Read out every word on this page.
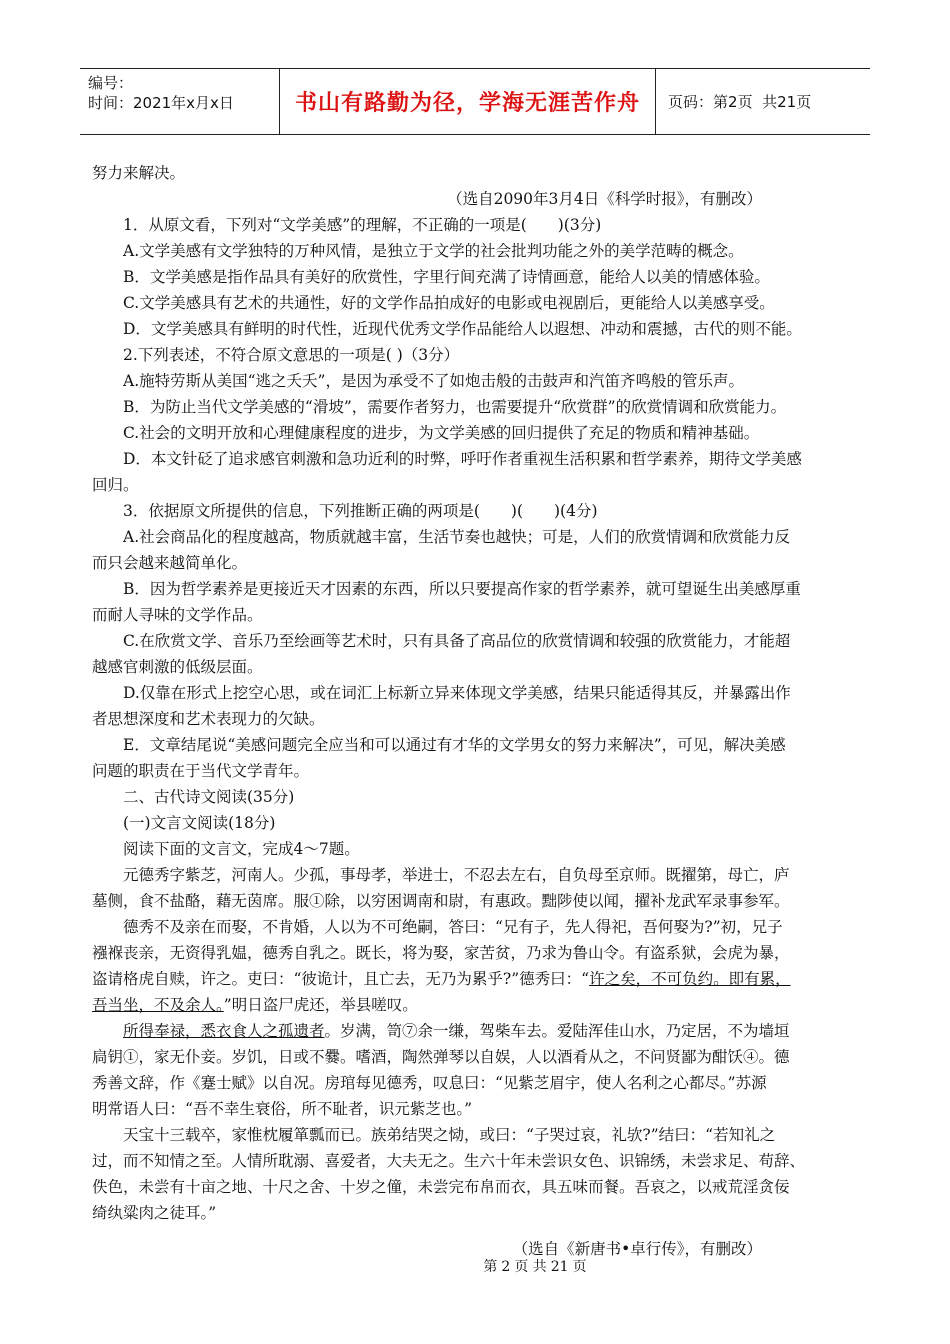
编号：
时间：2021年x月x日	书山有路勤为径，学海无涯苦作舟	页码：第 2 页  共 21 页

努力来解决。

（选自2090年3月4日《科学时报》，有删改）

1．从原文看，下列对“文学美感”的理解，不正确的一项是(　　)(3分)

A.文学美感有文学独特的万种风情，是独立于文学的社会批判功能之外的美学范畴的概念。

B．文学美感是指作品具有美好的欣赏性，字里行间充满了诗情画意，能给人以美的情感体验。

C.文学美感具有艺术的共通性，好的文学作品拍成好的电影或电视剧后，更能给人以美感享受。

D．文学美感具有鲜明的时代性，近现代优秀文学作品能给人以遐想、冲动和震撼，古代的则不能。

2.下列表述，不符合原文意思的一项是( )（3分）

A.施特劳斯从美国“逃之夭夭”，是因为承受不了如炮击般的击鼓声和汽笛齐鸣般的管乐声。

B．为防止当代文学美感的“滑坡”，需要作者努力，也需要提升“欣赏群”的欣赏情调和欣赏能力。

C.社会的文明开放和心理健康程度的进步，为文学美感的回归提供了充足的物质和精神基础。

D．本文针砭了追求感官刺激和急功近利的时弊，呼吁作者重视生活积累和哲学素养，期待文学美感

回归。

3．依据原文所提供的信息，下列推断正确的两项是(　　)(　　)(4分)

A.社会商品化的程度越高，物质就越丰富，生活节奏也越快；可是，人们的欣赏情调和欣赏能力反

而只会越来越简单化。

B．因为哲学素养是更接近天才因素的东西，所以只要提高作家的哲学素养，就可望诞生出美感厚重

而耐人寻味的文学作品。

C.在欣赏文学、音乐乃至绘画等艺术时，只有具备了高品位的欣赏情调和较强的欣赏能力，才能超

越感官刺激的低级层面。

D.仅靠在形式上挖空心思，或在词汇上标新立异来体现文学美感，结果只能适得其反，并暴露出作

者思想深度和艺术表现力的欠缺。

E．文章结尾说“美感问题完全应当和可以通过有才华的文学男女的努力来解决”，可见，解决美感

问题的职责在于当代文学青年。

二、古代诗文阅读(35分)

(一)文言文阅读(18分)

阅读下面的文言文，完成4～7题。

元德秀字紫芝，河南人。少孤，事母孝，举进士，不忍去左右，自负母至京师。既擢第，母亡，庐

墓侧，食不盐酪，藉无茵席。服①除，以穷困调南和尉，有惠政。黜陟使以闻，擢补龙武军录事参军。

德秀不及亲在而娶，不肯婚，人以为不可绝嗣，答曰：“兄有子，先人得祀，吾何娶为?”初，兄子

襁褓丧亲，无资得乳媪，德秀自乳之。既长，将为娶，家苦贫，乃求为鲁山令。有盗系狱，会虎为暴，

盗请格虎自赎，许之。吏曰：“彼诡计，且亡去，无乃为累乎?”德秀曰：“许之矣，不可负约。即有累，

吾当坐，不及余人。”明日盗尸虎还，举县嗟叹。

所得奉禄，悉衣食人之孤遗者。岁满，笥⑦余一缣，驾柴车去。爱陆浑佳山水，乃定居，不为墙垣

扃钥①，家无仆妾。岁饥，日或不爨。嗜酒，陶然弹琴以自娱，人以酒肴从之，不问贤鄙为酣饫④。德

秀善文辞，作《蹇士赋》以自况。房琯每见德秀，叹息曰：“见紫芝眉宇，使人名利之心都尽。”苏源

明常语人曰：“吾不幸生衰俗，所不耻者，识元紫芝也。”

天宝十三载卒，家惟枕履箪瓢而已。族弟结哭之恸，或曰：“子哭过哀，礼欤?”结曰：“若知礼之

过，而不知情之至。人情所耽溺、喜爱者，大夫无之。生六十年未尝识女色、识锦绣，未尝求足、苟辞、

佚色，未尝有十亩之地、十尺之舍、十岁之僮，未尝完布帛而衣，具五味而餐。吾哀之，以戒荒淫贪佞

绮纨粱肉之徒耳。”

（选自《新唐书•卓行传》，有删改）

第 2 页 共 21 页
